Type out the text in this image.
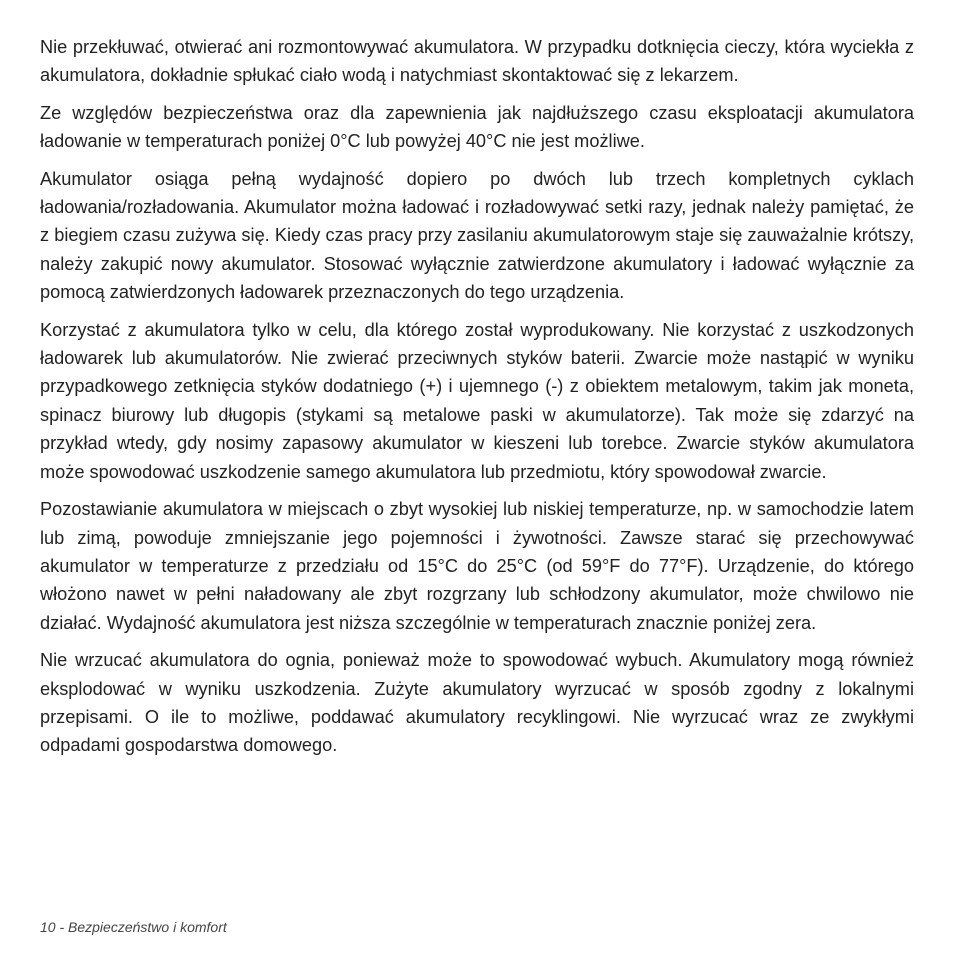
Nie przekłuwać, otwierać ani rozmontowywać akumulatora. W przypadku dotknięcia cieczy, która wyciekła z akumulatora, dokładnie spłukać ciało wodą i natychmiast skontaktować się z lekarzem.

Ze względów bezpieczeństwa oraz dla zapewnienia jak najdłuższego czasu eksploatacji akumulatora ładowanie w temperaturach poniżej 0°C lub powyżej 40°C nie jest możliwe.

Akumulator osiąga pełną wydajność dopiero po dwóch lub trzech kompletnych cyklach ładowania/rozładowania. Akumulator można ładować i rozładowywać setki razy, jednak należy pamiętać, że z biegiem czasu zużywa się. Kiedy czas pracy przy zasilaniu akumulatorowym staje się zauważalnie krótszy, należy zakupić nowy akumulator. Stosować wyłącznie zatwierdzone akumulatory i ładować wyłącznie za pomocą zatwierdzonych ładowarek przeznaczonych do tego urządzenia.

Korzystać z akumulatora tylko w celu, dla którego został wyprodukowany. Nie korzystać z uszkodzonych ładowarek lub akumulatorów. Nie zwierać przeciwnych styków baterii. Zwarcie może nastąpić w wyniku przypadkowego zetknięcia styków dodatniego (+) i ujemnego (-) z obiektem metalowym, takim jak moneta, spinacz biurowy lub długopis (stykami są metalowe paski w akumulatorze). Tak może się zdarzyć na przykład wtedy, gdy nosimy zapasowy akumulator w kieszeni lub torebce. Zwarcie styków akumulatora może spowodować uszkodzenie samego akumulatora lub przedmiotu, który spowodował zwarcie.

Pozostawianie akumulatora w miejscach o zbyt wysokiej lub niskiej temperaturze, np. w samochodzie latem lub zimą, powoduje zmniejszanie jego pojemności i żywotności. Zawsze starać się przechowywać akumulator w temperaturze z przedziału od 15°C do 25°C (od 59°F do 77°F). Urządzenie, do którego włożono nawet w pełni naładowany ale zbyt rozgrzany lub schłodzony akumulator, może chwilowo nie działać. Wydajność akumulatora jest niższa szczególnie w temperaturach znacznie poniżej zera.

Nie wrzucać akumulatora do ognia, ponieważ może to spowodować wybuch. Akumulatory mogą również eksplodować w wyniku uszkodzenia. Zużyte akumulatory wyrzucać w sposób zgodny z lokalnymi przepisami. O ile to możliwe, poddawać akumulatory recyklingowi. Nie wyrzucać wraz ze zwykłymi odpadami gospodarstwa domowego.

10 - Bezpieczeństwo i komfort
